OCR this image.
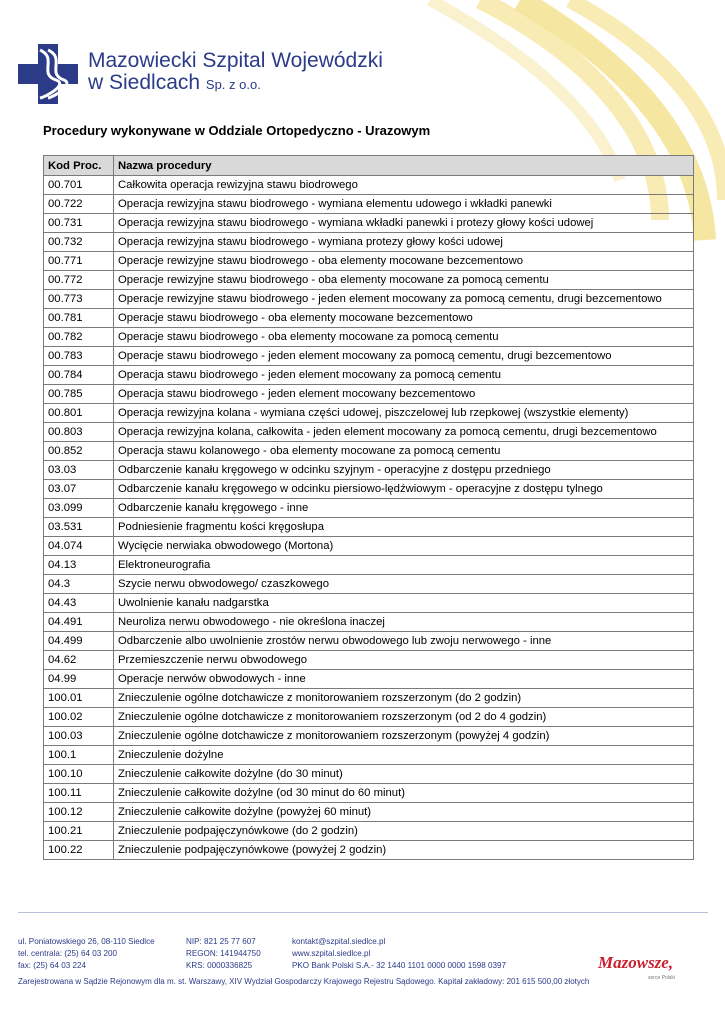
Mazowiecki Szpital Wojewódzki
w Siedlcach Sp. z o.o.
Procedury wykonywane w Oddziale Ortopedyczno - Urazowym
Kod Proc.	Nazwa procedury
00.701	Całkowita operacja rewizyjna stawu biodrowego
00.722	Operacja rewizyjna stawu biodrowego - wymiana elementu udowego i wkładki panewki
00.731	Operacja rewizyjna stawu biodrowego - wymiana wkładki panewki i protezy głowy kości udowej
00.732	Operacja rewizyjna stawu biodrowego - wymiana protezy głowy kości udowej
00.771	Operacje rewizyjne stawu biodrowego - oba elementy mocowane bezcementowo
00.772	Operacje rewizyjne stawu biodrowego - oba elementy mocowane za pomocą cementu
00.773	Operacje rewizyjne stawu biodrowego - jeden element mocowany za pomocą cementu, drugi bezcementowo
00.781	Operacje stawu biodrowego - oba elementy mocowane bezcementowo
00.782	Operacje stawu biodrowego - oba elementy mocowane za pomocą cementu
00.783	Operacje stawu biodrowego - jeden element mocowany za pomocą cementu, drugi bezcementowo
00.784	Operacja stawu biodrowego - jeden element mocowany za pomocą cementu
00.785	Operacja stawu biodrowego - jeden element mocowany bezcementowo
00.801	Operacja rewizyjna kolana - wymiana części udowej, piszczelowej lub rzepkowej (wszystkie elementy)
00.803	Operacja rewizyjna kolana, całkowita - jeden element mocowany za pomocą cementu, drugi bezcementowo
00.852	Operacja stawu kolanowego - oba elementy mocowane za pomocą cementu
03.03	Odbarczenie kanału kręgowego w odcinku szyjnym - operacyjne z dostępu przedniego
03.07	Odbarczenie kanału kręgowego w odcinku piersiowo-lędźwiowym - operacyjne z dostępu tylnego
03.099	Odbarczenie kanału kręgowego - inne
03.531	Podniesienie fragmentu kości kręgosłupa
04.074	Wycięcie nerwiaka obwodowego (Mortona)
04.13	Elektroneurografia
04.3	Szycie nerwu obwodowego/ czaszkowego
04.43	Uwolnienie kanału nadgarstka
04.491	Neuroliza nerwu obwodowego - nie określona inaczej
04.499	Odbarczenie albo uwolnienie zrostów nerwu obwodowego lub zwoju nerwowego - inne
04.62	Przemieszczenie nerwu obwodowego
04.99	Operacje nerwów obwodowych - inne
100.01	Znieczulenie ogólne dotchawicze z monitorowaniem rozszerzonym (do 2 godzin)
100.02	Znieczulenie ogólne dotchawicze z monitorowaniem rozszerzonym (od 2 do 4 godzin)
100.03	Znieczulenie ogólne dotchawicze z monitorowaniem rozszerzonym (powyżej 4 godzin)
100.1	Znieczulenie dożylne
100.10	Znieczulenie całkowite dożylne (do 30 minut)
100.11	Znieczulenie całkowite dożylne (od 30 minut do 60 minut)
100.12	Znieczulenie całkowite dożylne (powyżej 60 minut)
100.21	Znieczulenie podpajęczynówkowe (do 2 godzin)
100.22	Znieczulenie podpajęczynówkowe (powyżej 2 godzin)
ul. Poniatowskiego 26, 08-110 Siedlce
tel. centrala: (25) 64 03 200
fax: (25) 64 03 224
NIP: 821 25 77 607
REGON: 141944750
KRS: 0000336825
kontakt@szpital.siedlce.pl
www.szpital.siedlce.pl
PKO Bank Polski S.A.- 32 1440 1101 0000 0000 1598 0397
Zarejestrowana w Sądzie Rejonowym dla m. st. Warszawy, XIV Wydział Gospodarczy Krajowego Rejestru Sądowego. Kapitał zakładowy: 201 615 500,00 złotych
Mazowsze,
serce Polski
